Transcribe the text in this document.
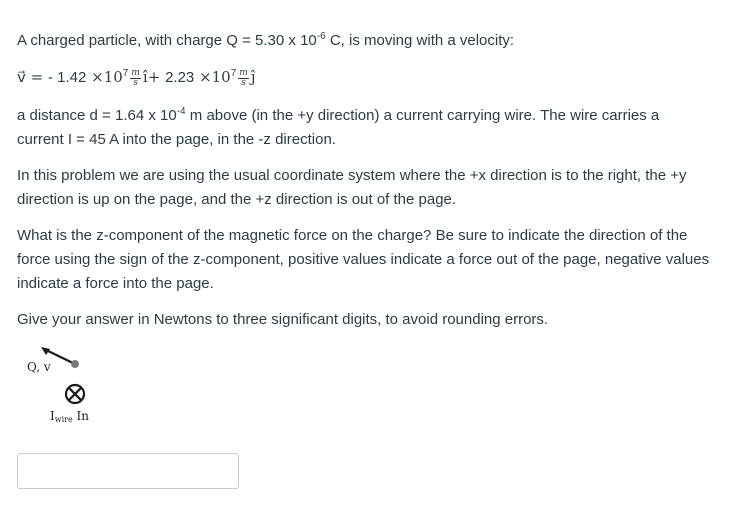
A charged particle, with charge Q = 5.30 x $10^{-6}$ C, is moving with a velocity:
v⃗ = - $1.42 \times 10^7 \frac{m}{s}$ î+ $2.23 \times 10^7 \frac{m}{s}$ ĵ
a distance d = 1.64 x $10^{-4}$ m above (in the +y direction) a current carrying wire. The wire carries a
current I = 45 A into the page, in the -z direction.
In this problem we are using the usual coordinate system where the +x direction is to the right, the +y direction is up on the page, and the +z direction is out of the page.
What is the z-component of the magnetic force on the charge? Be sure to indicate the direction of the force using the sign of the z-component, positive values indicate a force out of the page, negative values indicate a force into the page.
Give your answer in Newtons to three significant digits, to avoid rounding errors.
Q, v
Iwire In
